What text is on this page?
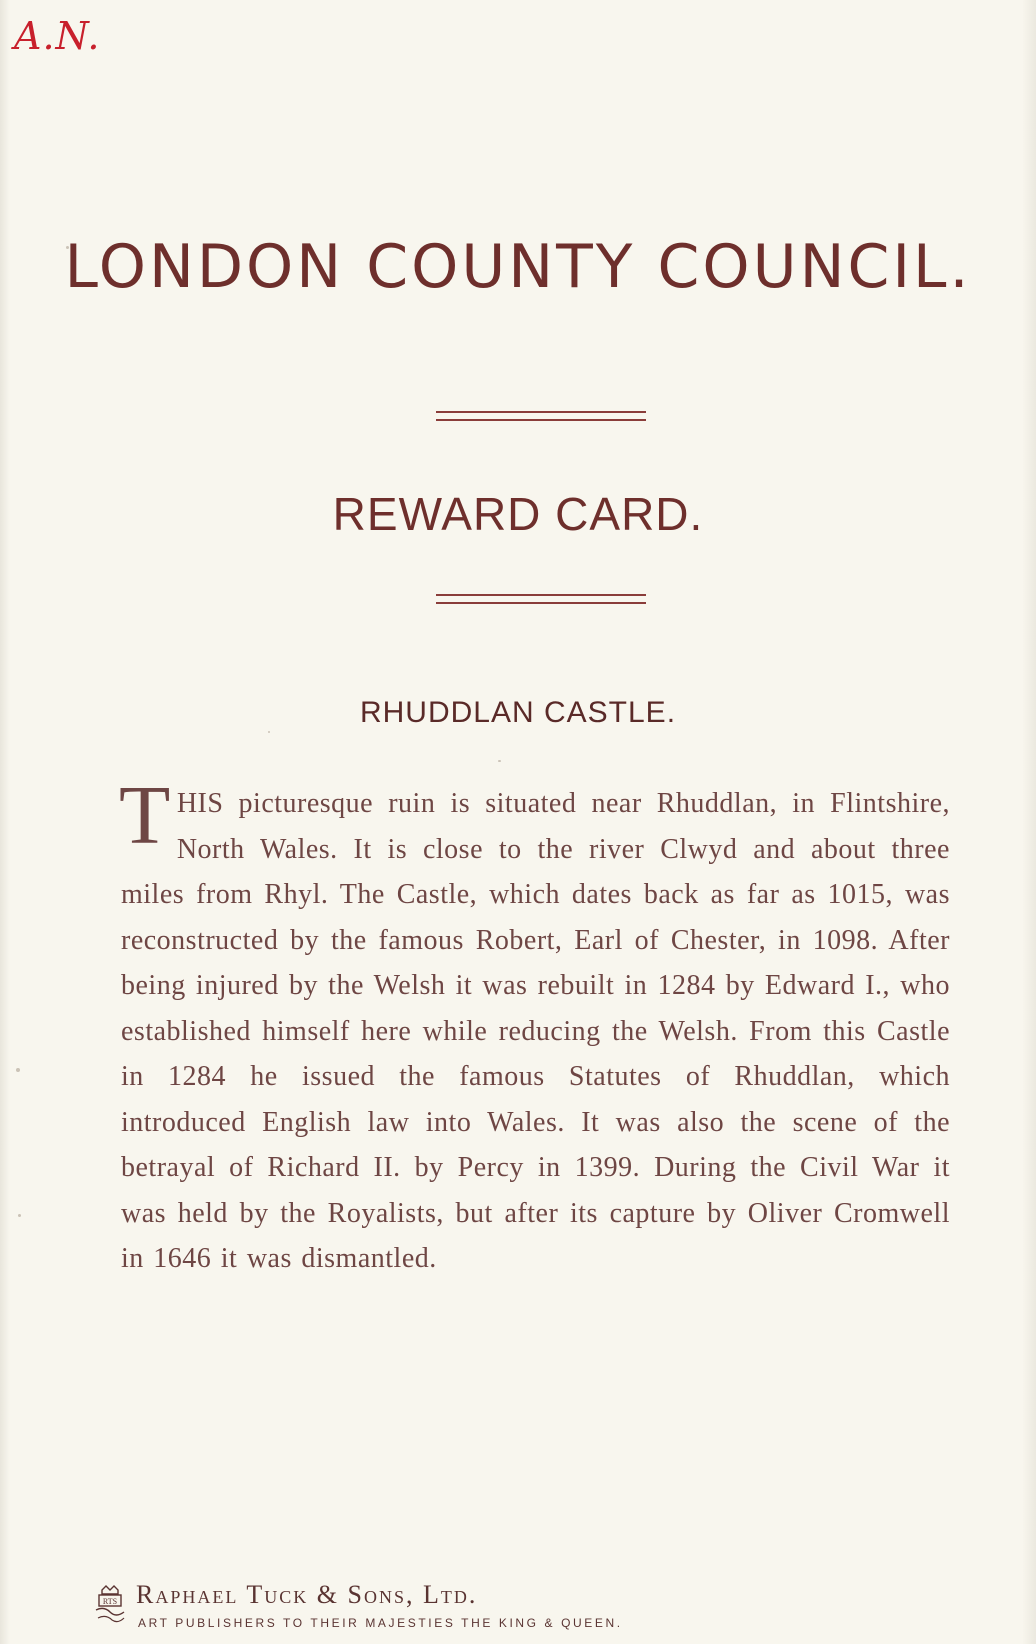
A.N.
LONDON COUNTY COUNCIL.
REWARD CARD.
RHUDDLAN CASTLE.

THIS picturesque ruin is situated near Rhuddlan, in Flintshire, North Wales. It is close to the river Clwyd and about three miles from Rhyl. The Castle, which dates back as far as 1015, was reconstructed by the famous Robert, Earl of Chester, in 1098. After being injured by the Welsh it was rebuilt in 1284 by Edward I., who established himself here while reducing the Welsh. From this Castle in 1284 he issued the famous Statutes of Rhuddlan, which introduced English law into Wales. It was also the scene of the betrayal of Richard II. by Percy in 1399. During the Civil War it was held by the Royalists, but after its capture by Oliver Cromwell in 1646 it was dismantled.

RTS Raphael Tuck & Sons, Ltd.
ART PUBLISHERS TO THEIR MAJESTIES THE KING & QUEEN.
